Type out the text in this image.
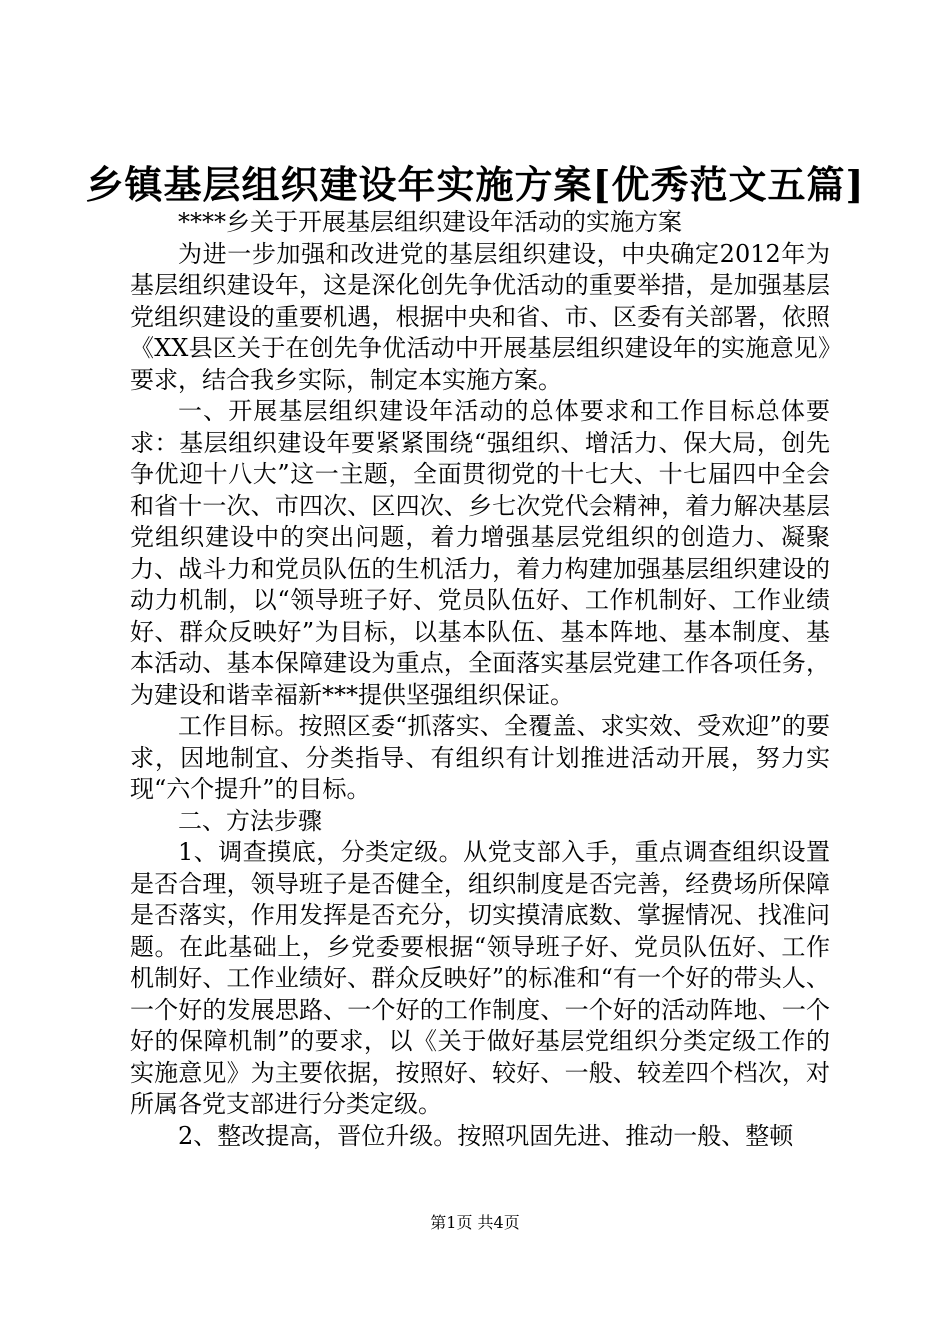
乡镇基层组织建设年实施方案[优秀范文五篇]

****乡关于开展基层组织建设年活动的实施方案

为进一步加强和改进党的基层组织建设，中央确定2012年为基层组织建设年，这是深化创先争优活动的重要举措，是加强基层党组织建设的重要机遇，根据中央和省、市、区委有关部署，依照《XX县区关于在创先争优活动中开展基层组织建设年的实施意见》要求，结合我乡实际，制定本实施方案。

一、开展基层组织建设年活动的总体要求和工作目标总体要求：基层组织建设年要紧紧围绕“强组织、增活力、保大局，创先争优迎十八大”这一主题，全面贯彻党的十七大、十七届四中全会和省十一次、市四次、区四次、乡七次党代会精神，着力解决基层党组织建设中的突出问题，着力增强基层党组织的创造力、凝聚力、战斗力和党员队伍的生机活力，着力构建加强基层组织建设的动力机制，以“领导班子好、党员队伍好、工作机制好、工作业绩好、群众反映好”为目标，以基本队伍、基本阵地、基本制度、基本活动、基本保障建设为重点，全面落实基层党建工作各项任务，为建设和谐幸福新***提供坚强组织保证。

工作目标。按照区委“抓落实、全覆盖、求实效、受欢迎”的要求，因地制宜、分类指导、有组织有计划推进活动开展，努力实现“六个提升”的目标。

二、方法步骤

1、调查摸底，分类定级。从党支部入手，重点调查组织设置是否合理，领导班子是否健全，组织制度是否完善，经费场所保障是否落实，作用发挥是否充分，切实摸清底数、掌握情况、找准问题。在此基础上，乡党委要根据“领导班子好、党员队伍好、工作机制好、工作业绩好、群众反映好”的标准和“有一个好的带头人、一个好的发展思路、一个好的工作制度、一个好的活动阵地、一个好的保障机制”的要求，以《关于做好基层党组织分类定级工作的实施意见》为主要依据，按照好、较好、一般、较差四个档次，对所属各党支部进行分类定级。

2、整改提高，晋位升级。按照巩固先进、推动一般、整顿

第1页 共4页
